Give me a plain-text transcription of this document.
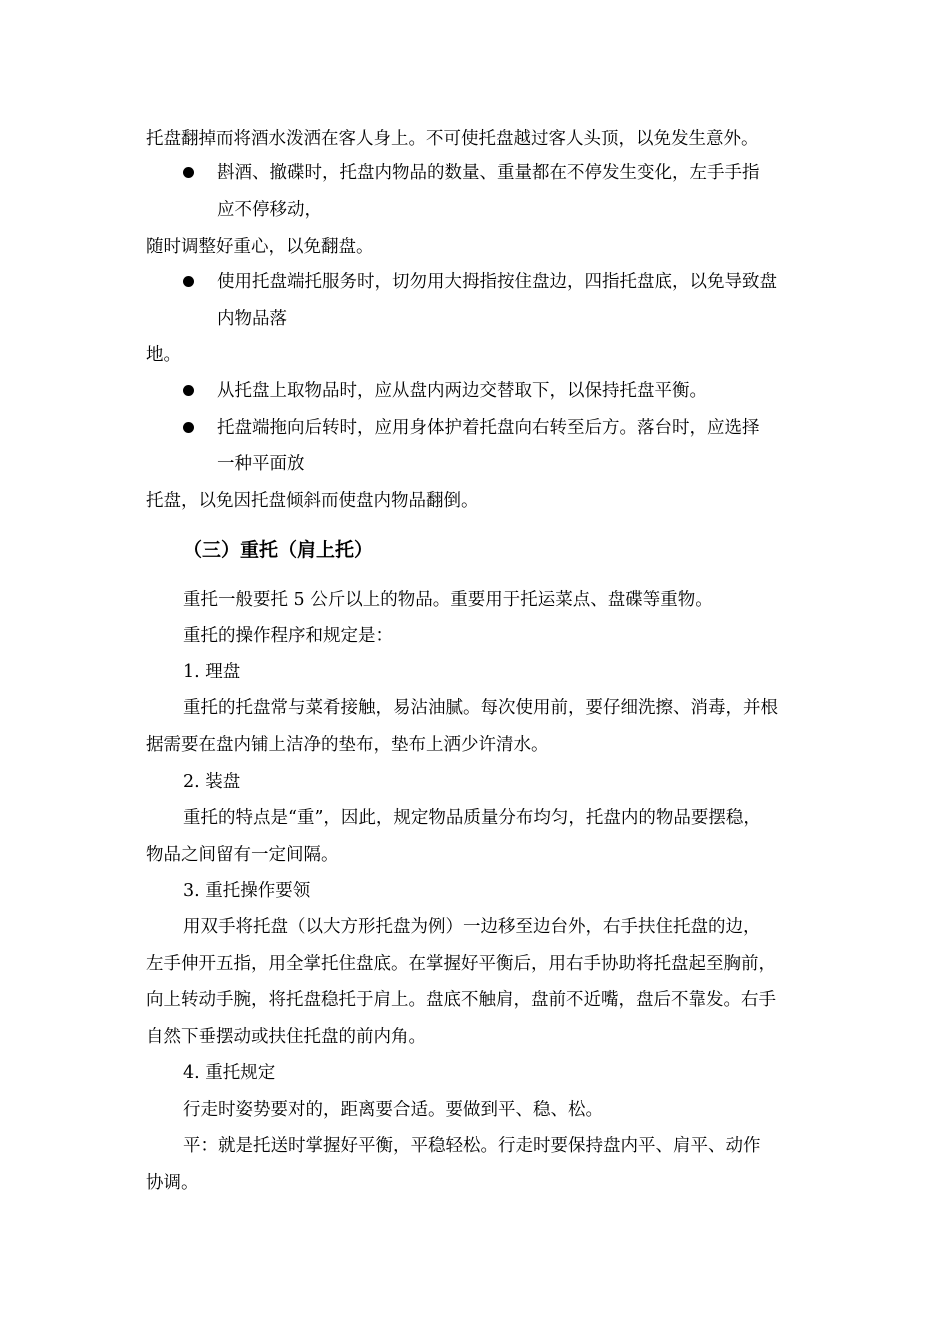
托盘翻掉而将酒水泼洒在客人身上。不可使托盘越过客人头顶，以免发生意外。
斟酒、撤碟时，托盘内物品的数量、重量都在不停发生变化，左手手指
应不停移动，
随时调整好重心，以免翻盘。
使用托盘端托服务时，切勿用大拇指按住盘边，四指托盘底，以免导致盘
内物品落
地。
从托盘上取物品时，应从盘内两边交替取下，以保持托盘平衡。
托盘端拖向后转时，应用身体护着托盘向右转至后方。落台时，应选择
一种平面放
托盘，以免因托盘倾斜而使盘内物品翻倒。
（三）重托（肩上托）
重托一般要托 5 公斤以上的物品。重要用于托运菜点、盘碟等重物。
重托的操作程序和规定是：
1. 理盘
重托的托盘常与菜肴接触，易沾油腻。每次使用前，要仔细洗擦、消毒，并根
据需要在盘内铺上洁净的垫布，垫布上洒少许清水。
2. 装盘
重托的特点是“重”，因此，规定物品质量分布均匀，托盘内的物品要摆稳，
物品之间留有一定间隔。
3. 重托操作要领
用双手将托盘（以大方形托盘为例）一边移至边台外，右手扶住托盘的边，
左手伸开五指，用全掌托住盘底。在掌握好平衡后，用右手协助将托盘起至胸前，
向上转动手腕，将托盘稳托于肩上。盘底不触肩，盘前不近嘴，盘后不靠发。右手
自然下垂摆动或扶住托盘的前内角。
4. 重托规定
行走时姿势要对的，距离要合适。要做到平、稳、松。
平：就是托送时掌握好平衡，平稳轻松。行走时要保持盘内平、肩平、动作
协调。
